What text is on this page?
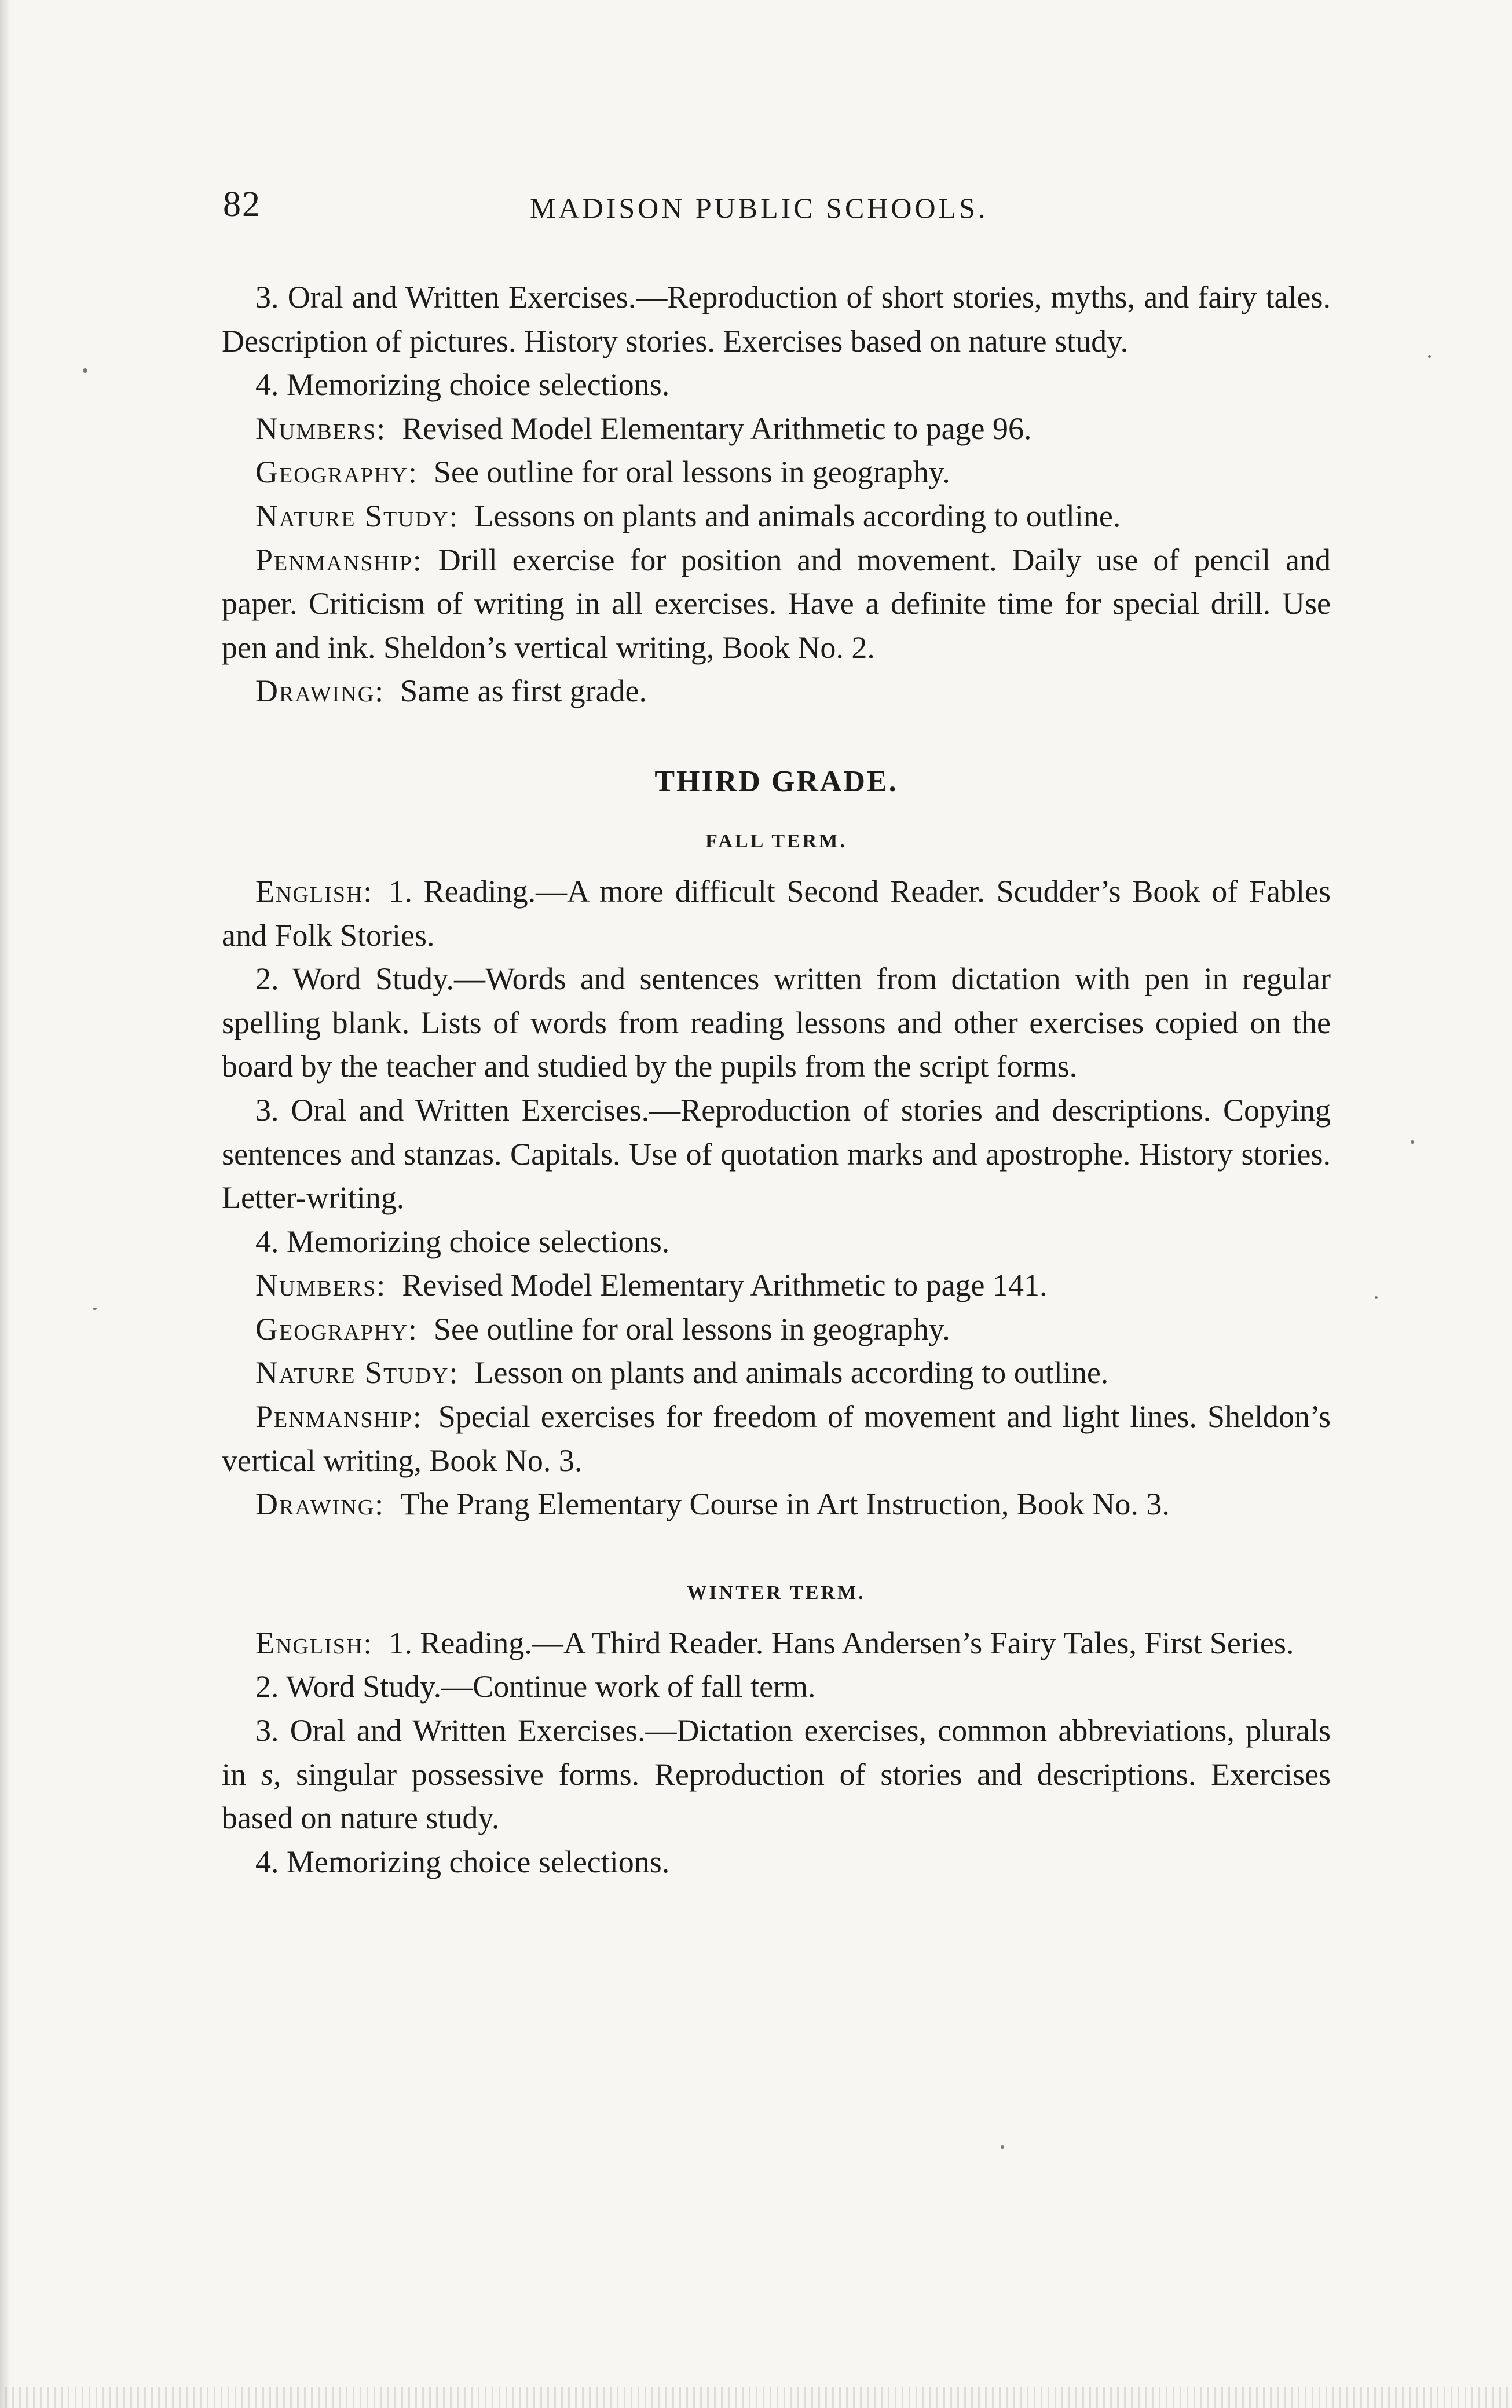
82	MADISON PUBLIC SCHOOLS.

3. Oral and Written Exercises.—Reproduction of short stories, myths, and fairy tales. Description of pictures. History stories. Exercises based on nature study.

4. Memorizing choice selections.

Numbers:  Revised Model Elementary Arithmetic to page 96.

Geography:  See outline for oral lessons in geography.

Nature Study:  Lessons on plants and animals according to outline.

Penmanship:  Drill exercise for position and movement. Daily use of pencil and paper. Criticism of writing in all exercises. Have a definite time for special drill. Use pen and ink. Sheldon’s vertical writing, Book No. 2.

Drawing:  Same as first grade.

THIRD GRADE.
FALL TERM.

English:  1. Reading.—A more difficult Second Reader. Scudder’s Book of Fables and Folk Stories.

2. Word Study.—Words and sentences written from dictation with pen in regular spelling blank. Lists of words from reading lessons and other exercises copied on the board by the teacher and studied by the pupils from the script forms.

3. Oral and Written Exercises.—Reproduction of stories and descriptions. Copying sentences and stanzas. Capitals. Use of quotation marks and apostrophe. History stories. Letter-writing.

4. Memorizing choice selections.

Numbers:  Revised Model Elementary Arithmetic to page 141.

Geography:  See outline for oral lessons in geography.

Nature Study:  Lesson on plants and animals according to outline.

Penmanship:  Special exercises for freedom of movement and light lines. Sheldon’s vertical writing, Book No. 3.

Drawing:  The Prang Elementary Course in Art Instruction, Book No. 3.

WINTER TERM.

English:  1. Reading.—A Third Reader. Hans Andersen’s Fairy Tales, First Series.

2. Word Study.—Continue work of fall term.

3. Oral and Written Exercises.—Dictation exercises, common abbreviations, plurals in s, singular possessive forms. Reproduction of stories and descriptions. Exercises based on nature study.

4. Memorizing choice selections.
